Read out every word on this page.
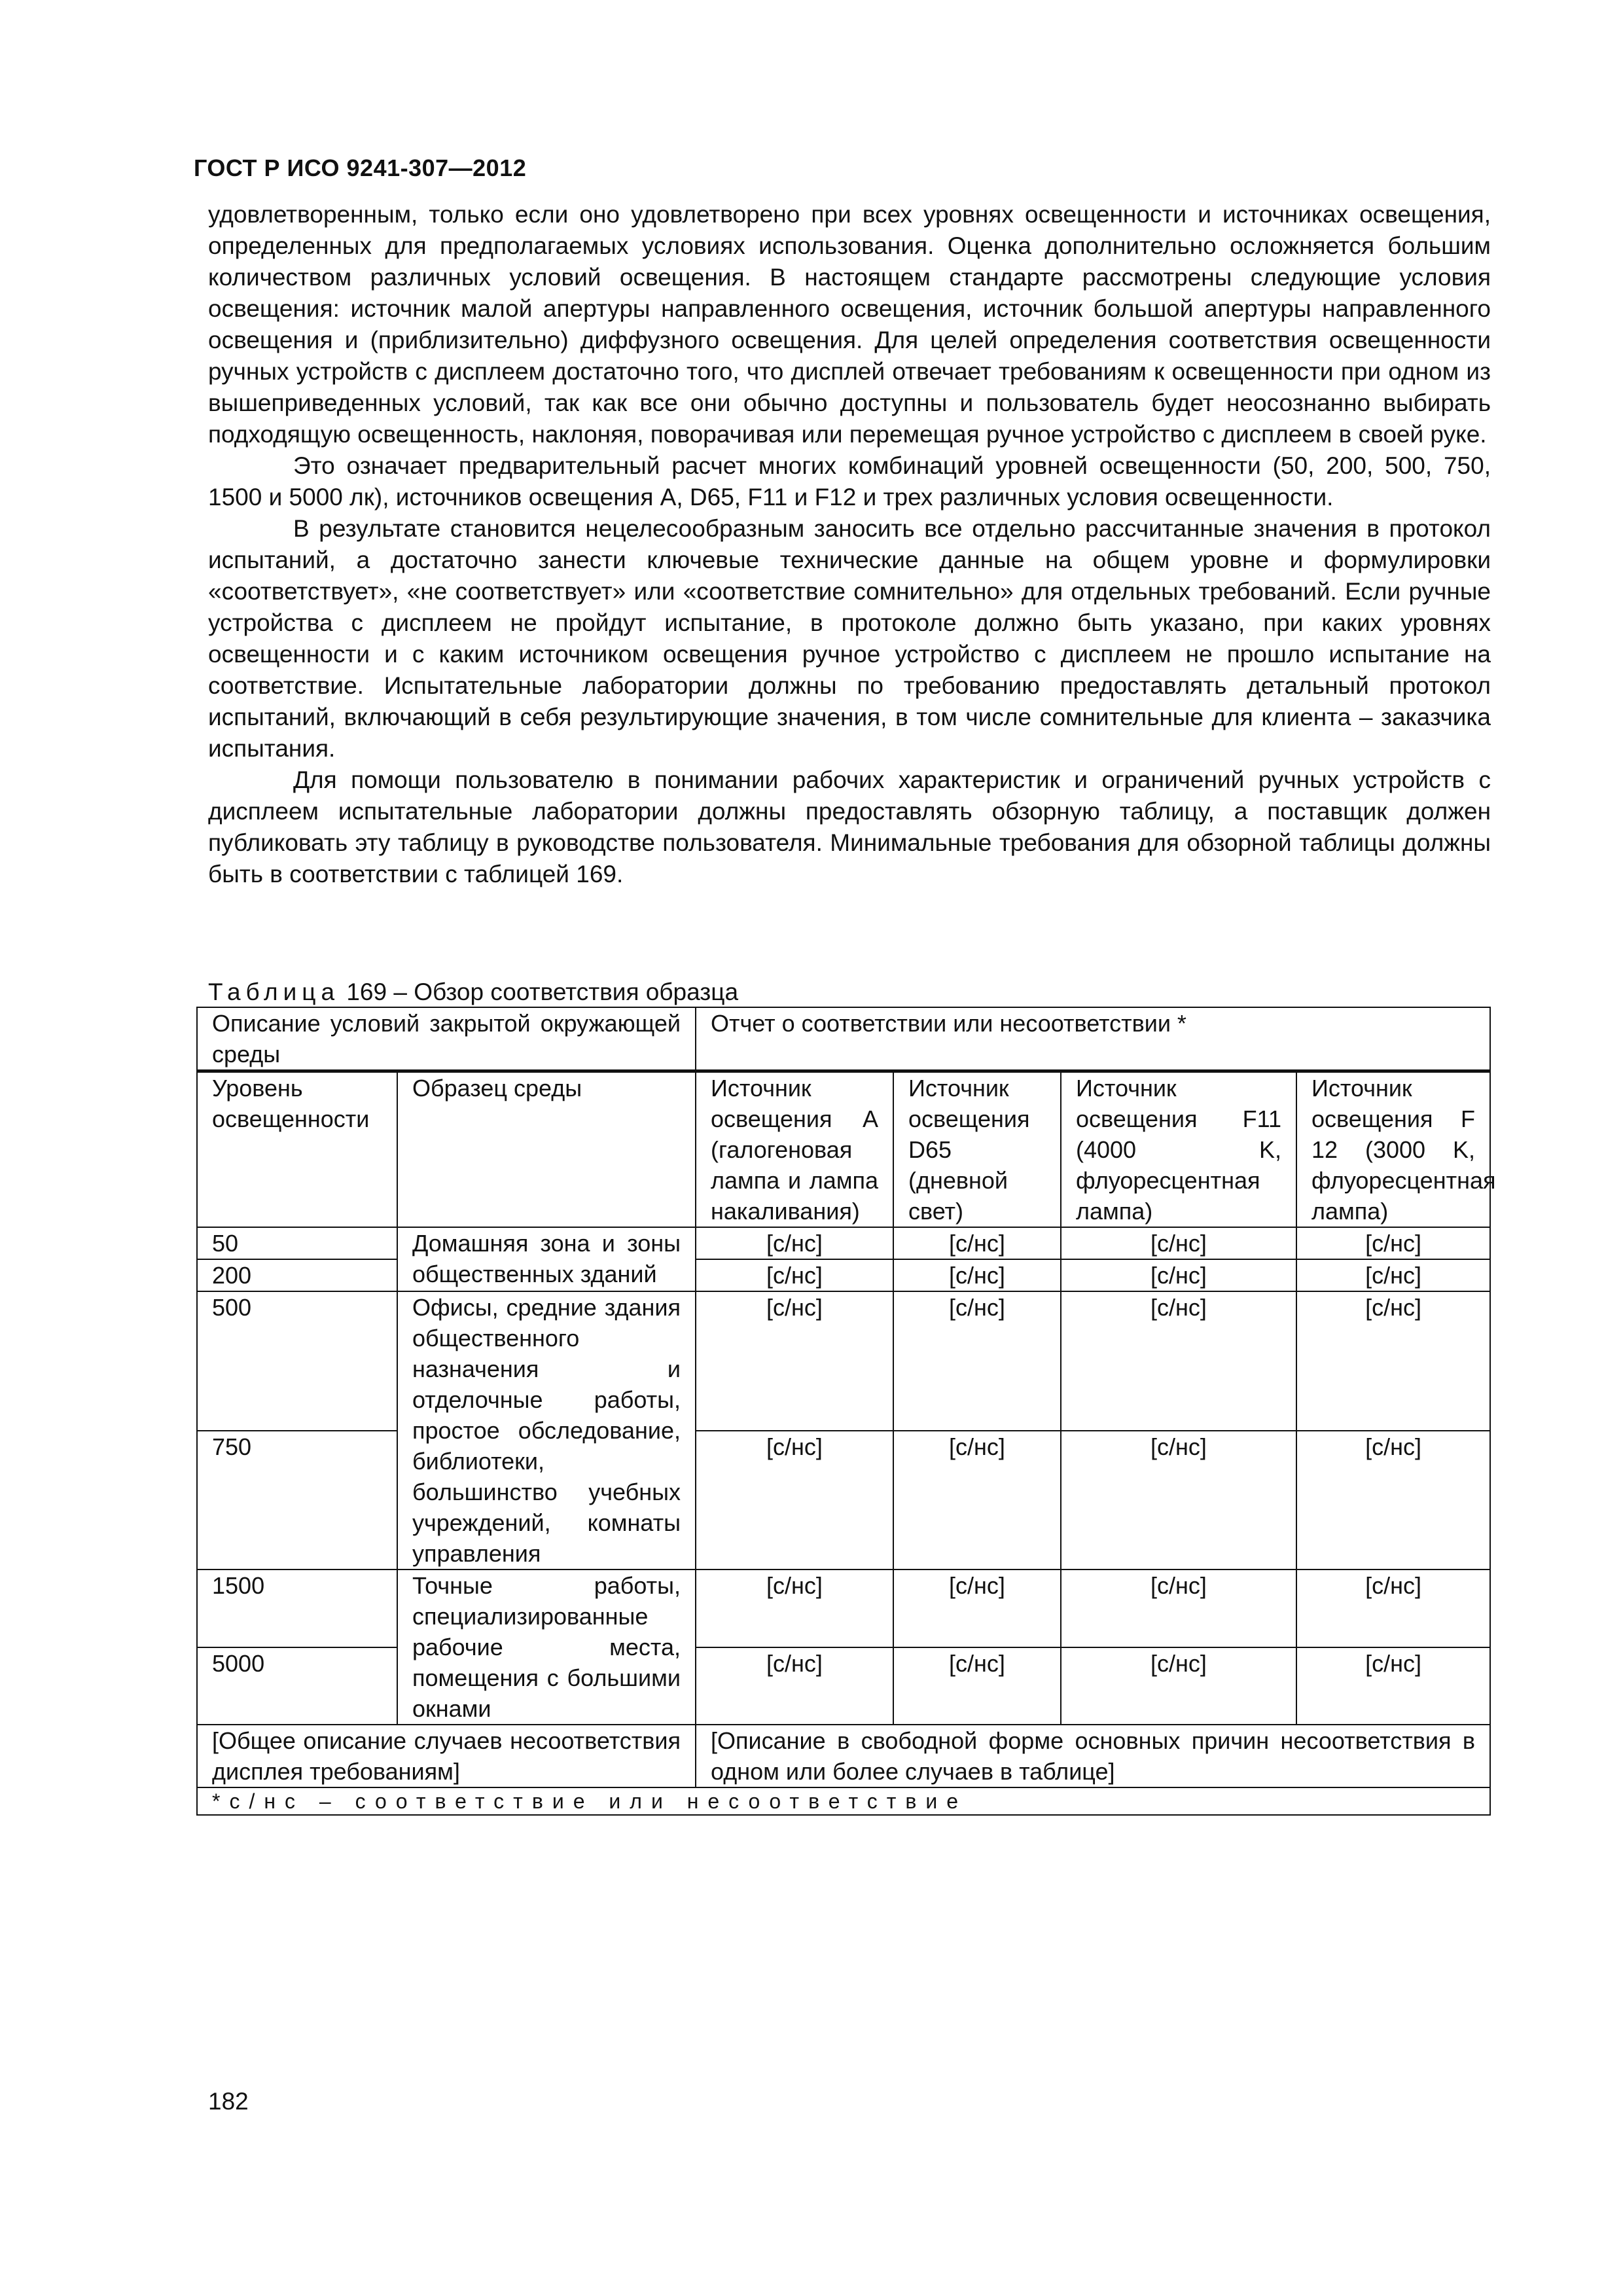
ГОСТ Р ИСО 9241-307—2012

удовлетворенным, только если оно удовлетворено при всех уровнях освещенности и источниках освещения, определенных для предполагаемых условиях использования. Оценка дополнительно осложняется большим количеством различных условий освещения. В настоящем стандарте рассмотрены следующие условия освещения: источник малой апертуры направленного освещения, источник большой апертуры направленного освещения и (приблизительно) диффузного освещения. Для целей определения соответствия освещенности ручных устройств с дисплеем достаточно того, что дисплей отвечает требованиям к освещенности при одном из вышеприведенных условий, так как все они обычно доступны и пользователь будет неосознанно выбирать подходящую освещенность, наклоняя, поворачивая или перемещая ручное устройство с дисплеем в своей руке.

Это означает предварительный расчет многих комбинаций уровней освещенности (50, 200, 500, 750, 1500 и 5000 лк), источников освещения A, D65, F11 и F12 и трех различных условия освещенности.

В результате становится нецелесообразным заносить все отдельно рассчитанные значения в протокол испытаний, а достаточно занести ключевые технические данные на общем уровне и формулировки «соответствует», «не соответствует» или «соответствие сомнительно» для отдельных требований. Если ручные устройства с дисплеем не пройдут испытание, в протоколе должно быть указано, при каких уровнях освещенности и с каким источником освещения ручное устройство с дисплеем не прошло испытание на соответствие. Испытательные лаборатории должны по требованию предоставлять детальный протокол испытаний, включающий в себя результирующие значения, в том числе сомнительные для клиента – заказчика испытания.

Для помощи пользователю в понимании рабочих характеристик и ограничений ручных устройств с дисплеем испытательные лаборатории должны предоставлять обзорную таблицу, а поставщик должен публиковать эту таблицу в руководстве пользователя. Минимальные требования для обзорной таблицы должны быть в соответствии с таблицей 169.

Таблица 169 – Обзор соответствия образца
Описание условий закрытой окружающей среды		Отчет о соответствии или несоответствии *			
Уровень освещенности	Образец среды	Источник освещения A (галогеновая лампа и лампа накаливания)	Источник освещения D65 (дневной свет)	Источник освещения F11 (4000 K, флуоресцентная лампа)	Источник освещения F 12 (3000 K, флуоресцентная лампа)
50	Домашняя зона и зоны общественных зданий	[с/нс]	[с/нс]	[с/нс]	[с/нс]
200		[с/нс]	[с/нс]	[с/нс]	[с/нс]
500	Офисы, средние здания общественного назначения и отделочные работы, простое обследование, библиотеки, большинство учебных учреждений, комнаты управления	[с/нс]	[с/нс]	[с/нс]	[с/нс]
750		[с/нс]	[с/нс]	[с/нс]	[с/нс]
1500	Точные работы, специализированные рабочие места, помещения с большими окнами	[с/нс]	[с/нс]	[с/нс]	[с/нс]
5000		[с/нс]	[с/нс]	[с/нс]	[с/нс]
[Общее описание случаев несоответствия дисплея требованиям]		[Описание в свободной форме основных причин несоответствия в одном или более случаев в таблице]			
*с/нс – соответствие или несоответствие					
182
